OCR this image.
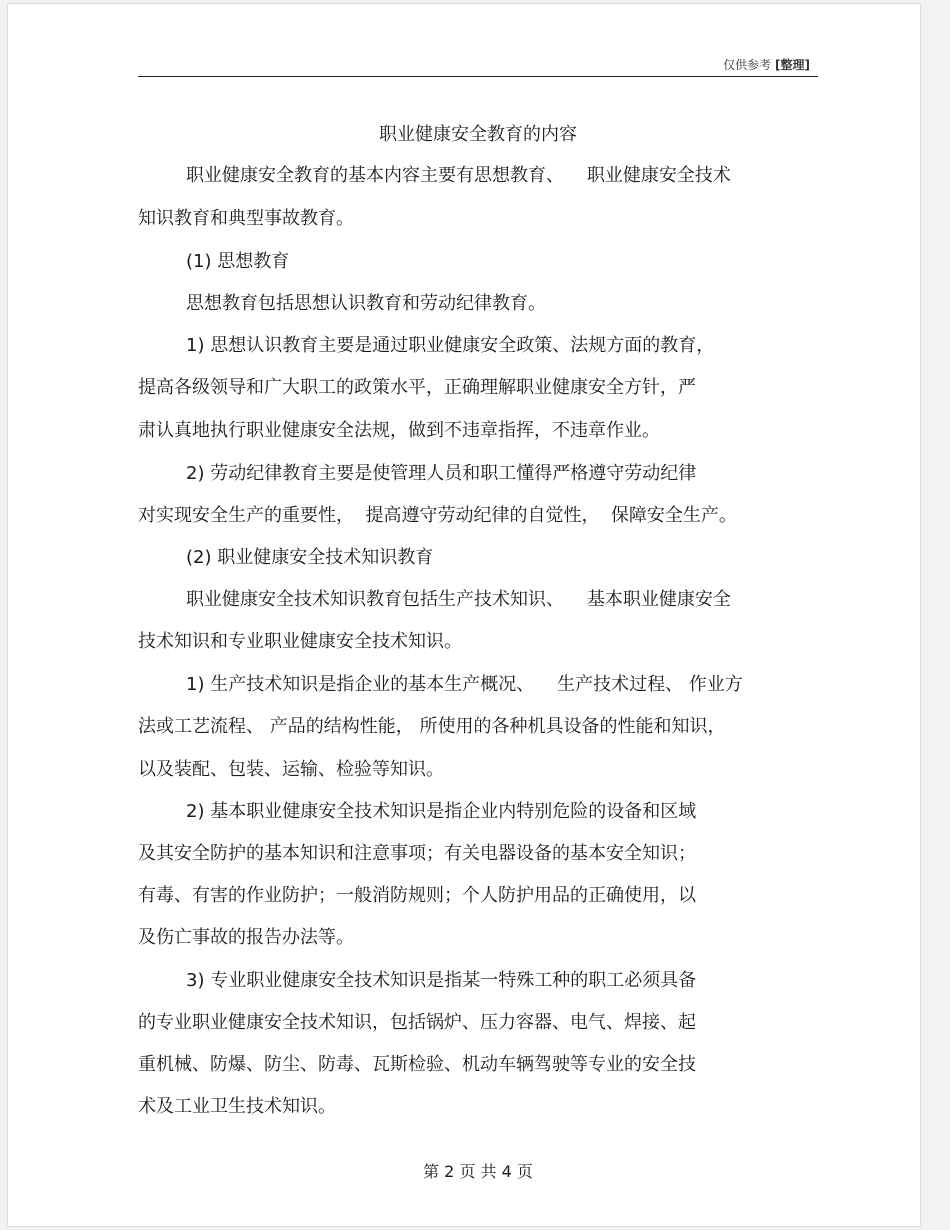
仅供参考 [整理]
职业健康安全教育的内容
职业健康安全教育的基本内容主要有思想教育、    职业健康安全技术
知识教育和典型事故教育。
(1) 思想教育
思想教育包括思想认识教育和劳动纪律教育。
1) 思想认识教育主要是通过职业健康安全政策、法规方面的教育，
提高各级领导和广大职工的政策水平，正确理解职业健康安全方针，严
肃认真地执行职业健康安全法规，做到不违章指挥，不违章作业。
2) 劳动纪律教育主要是使管理人员和职工懂得严格遵守劳动纪律
对实现安全生产的重要性，  提高遵守劳动纪律的自觉性，  保障安全生产。
(2) 职业健康安全技术知识教育
职业健康安全技术知识教育包括生产技术知识、    基本职业健康安全
技术知识和专业职业健康安全技术知识。
1) 生产技术知识是指企业的基本生产概况、    生产技术过程、 作业方
法或工艺流程、 产品的结构性能， 所使用的各种机具设备的性能和知识，
以及装配、包装、运输、检验等知识。
2) 基本职业健康安全技术知识是指企业内特别危险的设备和区域
及其安全防护的基本知识和注意事项；有关电器设备的基本安全知识；
有毒、有害的作业防护；一般消防规则；个人防护用品的正确使用，以
及伤亡事故的报告办法等。
3) 专业职业健康安全技术知识是指某一特殊工种的职工必须具备
的专业职业健康安全技术知识，包括锅炉、压力容器、电气、焊接、起
重机械、防爆、防尘、防毒、瓦斯检验、机动车辆驾驶等专业的安全技
术及工业卫生技术知识。
第 2 页 共 4 页
